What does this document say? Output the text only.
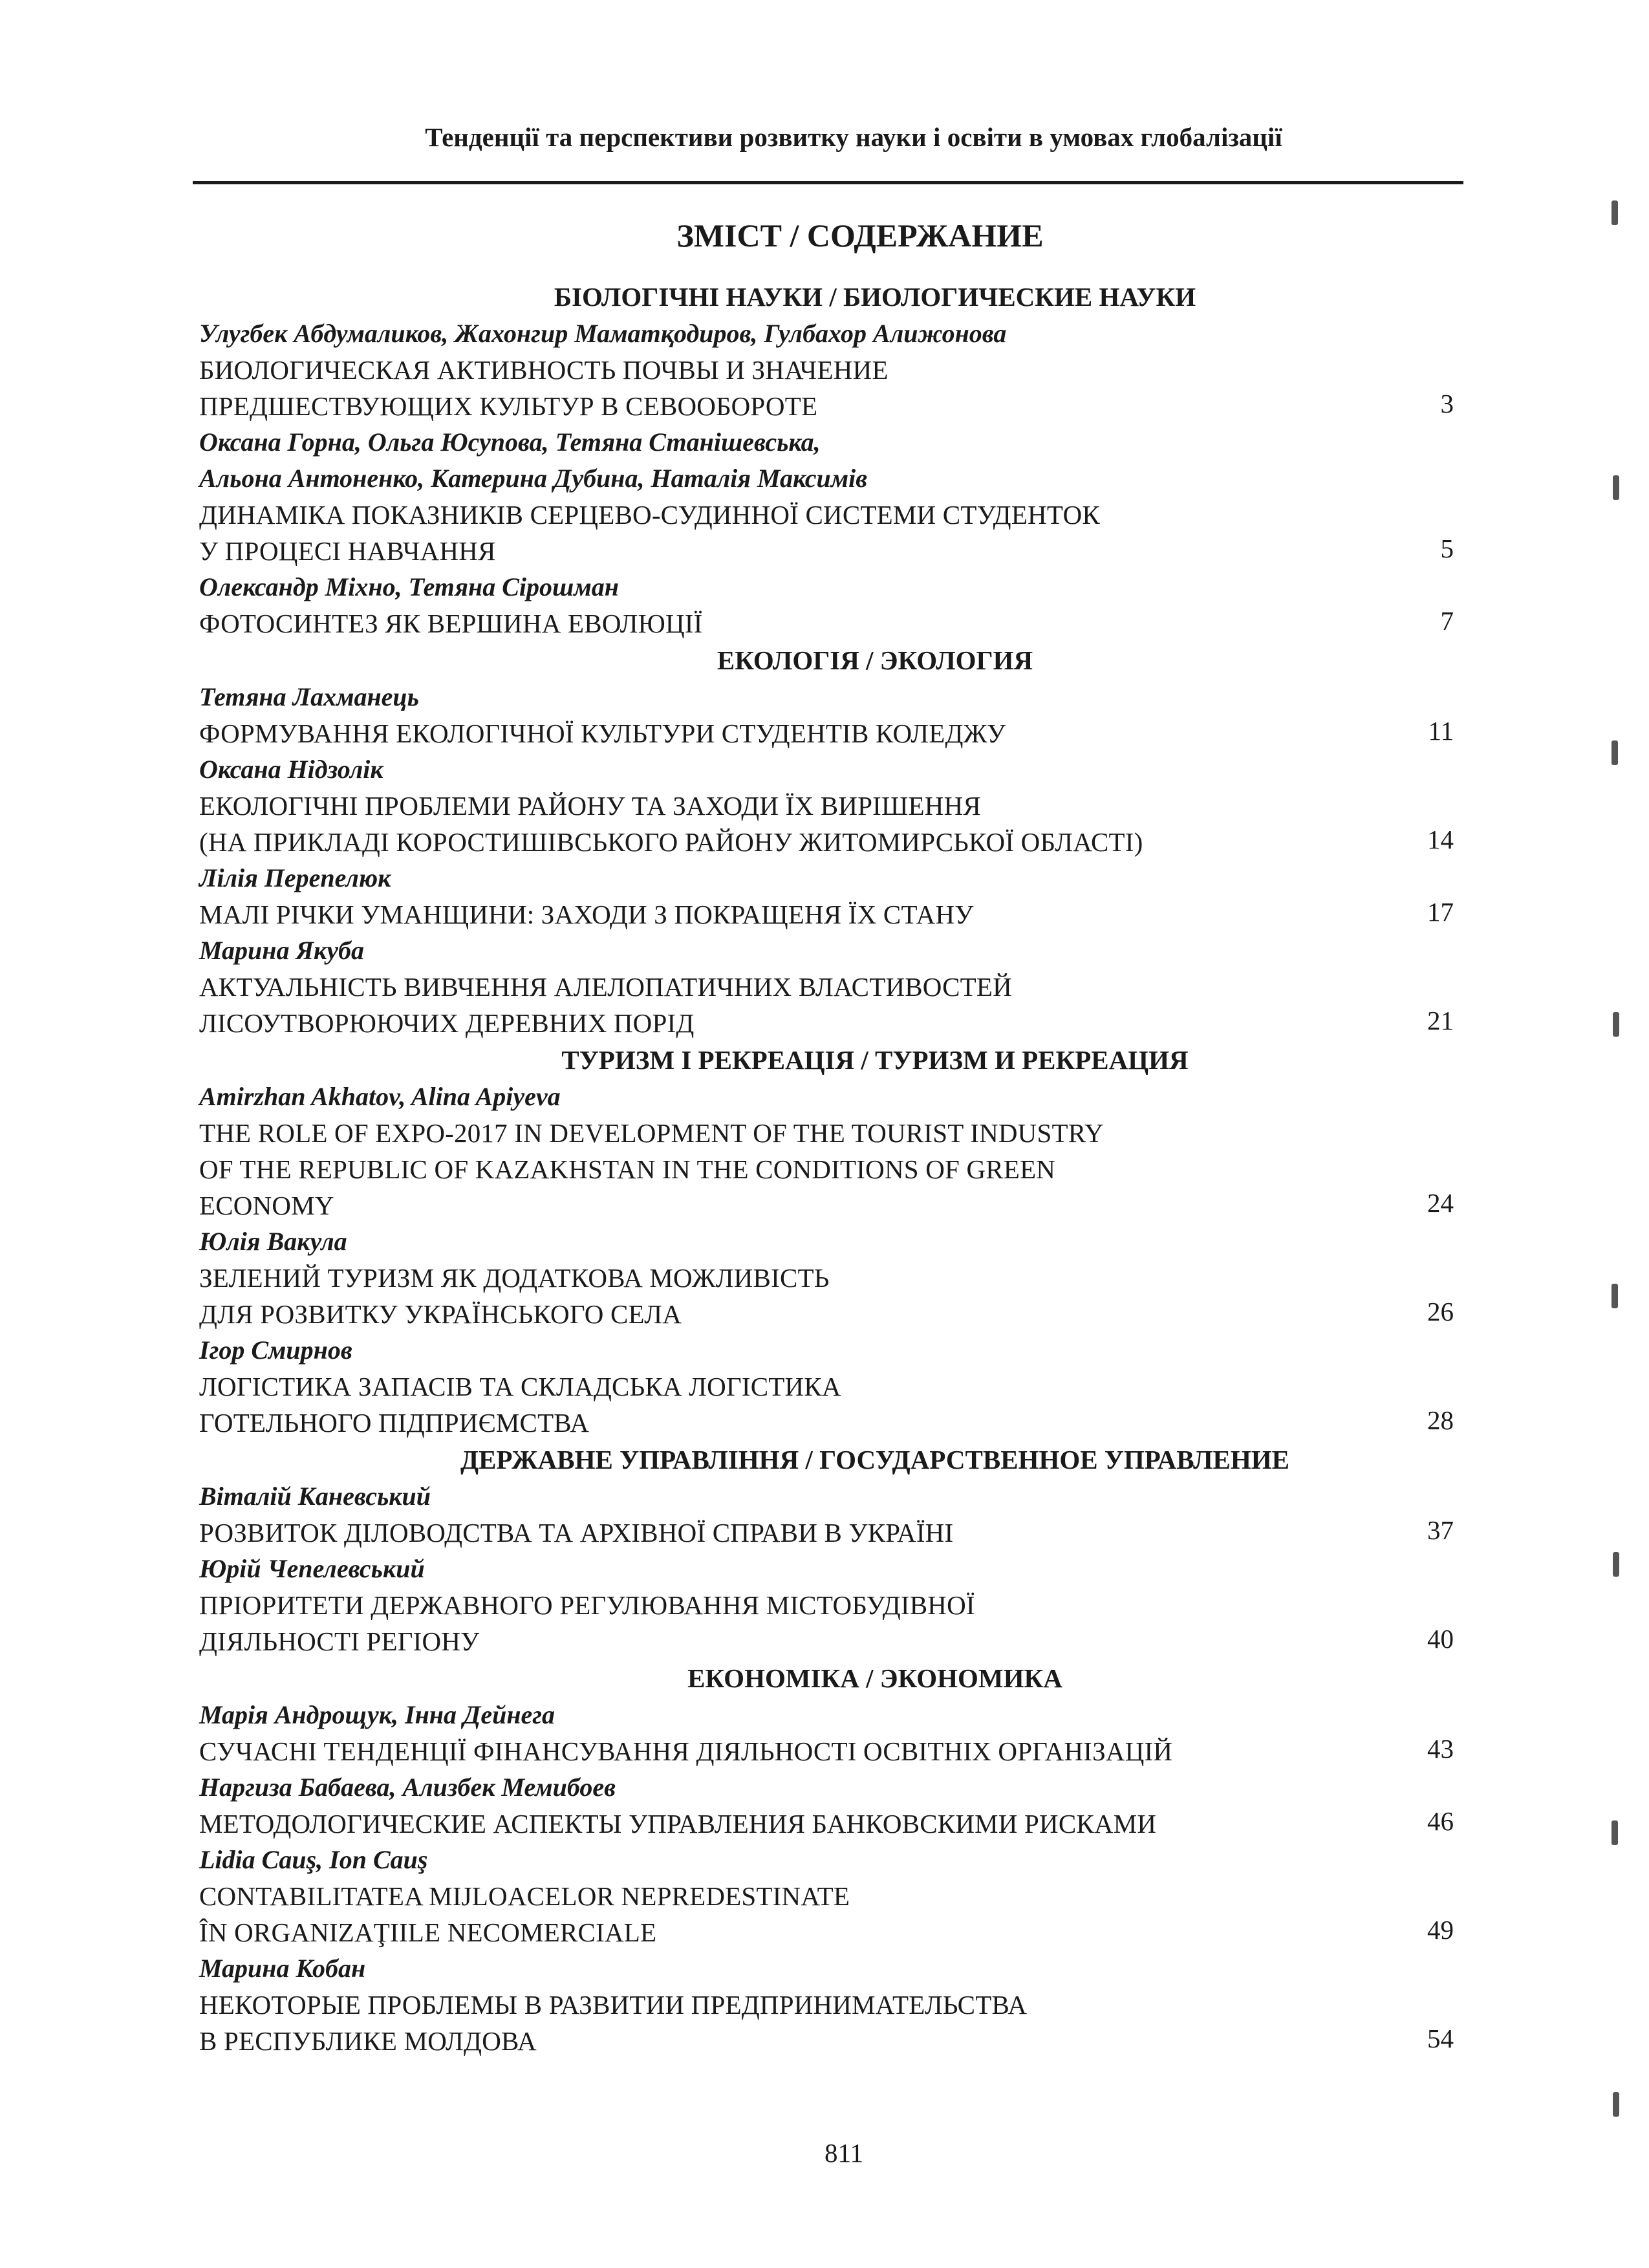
Тенденції та перспективи розвитку науки і освіти в умовах глобалізації
ЗМІСТ / СОДЕРЖАНИЕ
БІОЛОГІЧНІ НАУКИ / БИОЛОГИЧЕСКИЕ НАУКИ
Улугбек Абдумаликов, Жахонгир Маматқодиров, Гулбахор Алижонова
БИОЛОГИЧЕСКАЯ АКТИВНОСТЬ ПОЧВЫ И ЗНАЧЕНИЕ
ПРЕДШЕСТВУЮЩИХ КУЛЬТУР В СЕВООБОРОТЕ	3
Оксана Горна, Ольга Юсупова, Тетяна Станішевська,
Альона Антоненко, Катерина Дубина, Наталія Максимів
ДИНАМІКА ПОКАЗНИКІВ СЕРЦЕВО-СУДИННОЇ СИСТЕМИ СТУДЕНТОК
У ПРОЦЕСІ НАВЧАННЯ	5
Олександр Міхно, Тетяна Сірошман
ФОТОСИНТЕЗ ЯК ВЕРШИНА ЕВОЛЮЦІЇ	7
ЕКОЛОГІЯ / ЭКОЛОГИЯ
Тетяна Лахманець
ФОРМУВАННЯ ЕКОЛОГІЧНОЇ КУЛЬТУРИ СТУДЕНТІВ КОЛЕДЖУ	11
Оксана Нідзолік
ЕКОЛОГІЧНІ ПРОБЛЕМИ РАЙОНУ ТА ЗАХОДИ ЇХ ВИРІШЕННЯ
(НА ПРИКЛАДІ КОРОСТИШІВСЬКОГО РАЙОНУ ЖИТОМИРСЬКОЇ ОБЛАСТІ)	14
Лілія Перепелюк
МАЛІ РІЧКИ УМАНЩИНИ: ЗАХОДИ З ПОКРАЩЕНЯ ЇХ СТАНУ	17
Марина Якуба
АКТУАЛЬНІСТЬ ВИВЧЕННЯ АЛЕЛОПАТИЧНИХ ВЛАСТИВОСТЕЙ
ЛІСОУТВОРЮЮЧИХ ДЕРЕВНИХ ПОРІД	21
ТУРИЗМ І РЕКРЕАЦІЯ / ТУРИЗМ И РЕКРЕАЦИЯ
Amirzhan Akhatov, Alina Apiyeva
THE ROLE OF EXPO-2017 IN DEVELOPMENT OF THE TOURIST INDUSTRY
OF THE REPUBLIC OF KAZAKHSTAN IN THE CONDITIONS OF GREEN
ECONOMY	24
Юлія Вакула
ЗЕЛЕНИЙ ТУРИЗМ ЯК ДОДАТКОВА МОЖЛИВІСТЬ
ДЛЯ РОЗВИТКУ УКРАЇНСЬКОГО СЕЛА	26
Ігор Смирнов
ЛОГІСТИКА ЗАПАСІВ ТА СКЛАДСЬКА ЛОГІСТИКА
ГОТЕЛЬНОГО ПІДПРИЄМСТВА	28
ДЕРЖАВНЕ УПРАВЛІННЯ / ГОСУДАРСТВЕННОЕ УПРАВЛЕНИЕ
Віталій Каневський
РОЗВИТОК ДІЛОВОДСТВА ТА АРХІВНОЇ СПРАВИ В УКРАЇНІ	37
Юрій Чепелевський
ПРІОРИТЕТИ ДЕРЖАВНОГО РЕГУЛЮВАННЯ МІСТОБУДІВНОЇ
ДІЯЛЬНОСТІ РЕГІОНУ	40
ЕКОНОМІКА / ЭКОНОМИКА
Марія Андрощук, Інна Дейнега
СУЧАСНІ ТЕНДЕНЦІЇ ФІНАНСУВАННЯ ДІЯЛЬНОСТІ ОСВІТНІХ ОРГАНІЗАЦІЙ	43
Наргиза Бабаева, Ализбек Мемибоев
МЕТОДОЛОГИЧЕСКИЕ АСПЕКТЫ УПРАВЛЕНИЯ БАНКОВСКИМИ РИСКАМИ	46
Lidia Cauş, Ion Cauş
CONTABILITATEA MIJLOACELOR NEPREDESTINATE
ÎN ORGANIZAŢIILE NECOMERCIALE	49
Марина Кобан
НЕКОТОРЫЕ ПРОБЛЕМЫ В РАЗВИТИИ ПРЕДПРИНИМАТЕЛЬСТВА
В РЕСПУБЛИКЕ МОЛДОВА	54
811
